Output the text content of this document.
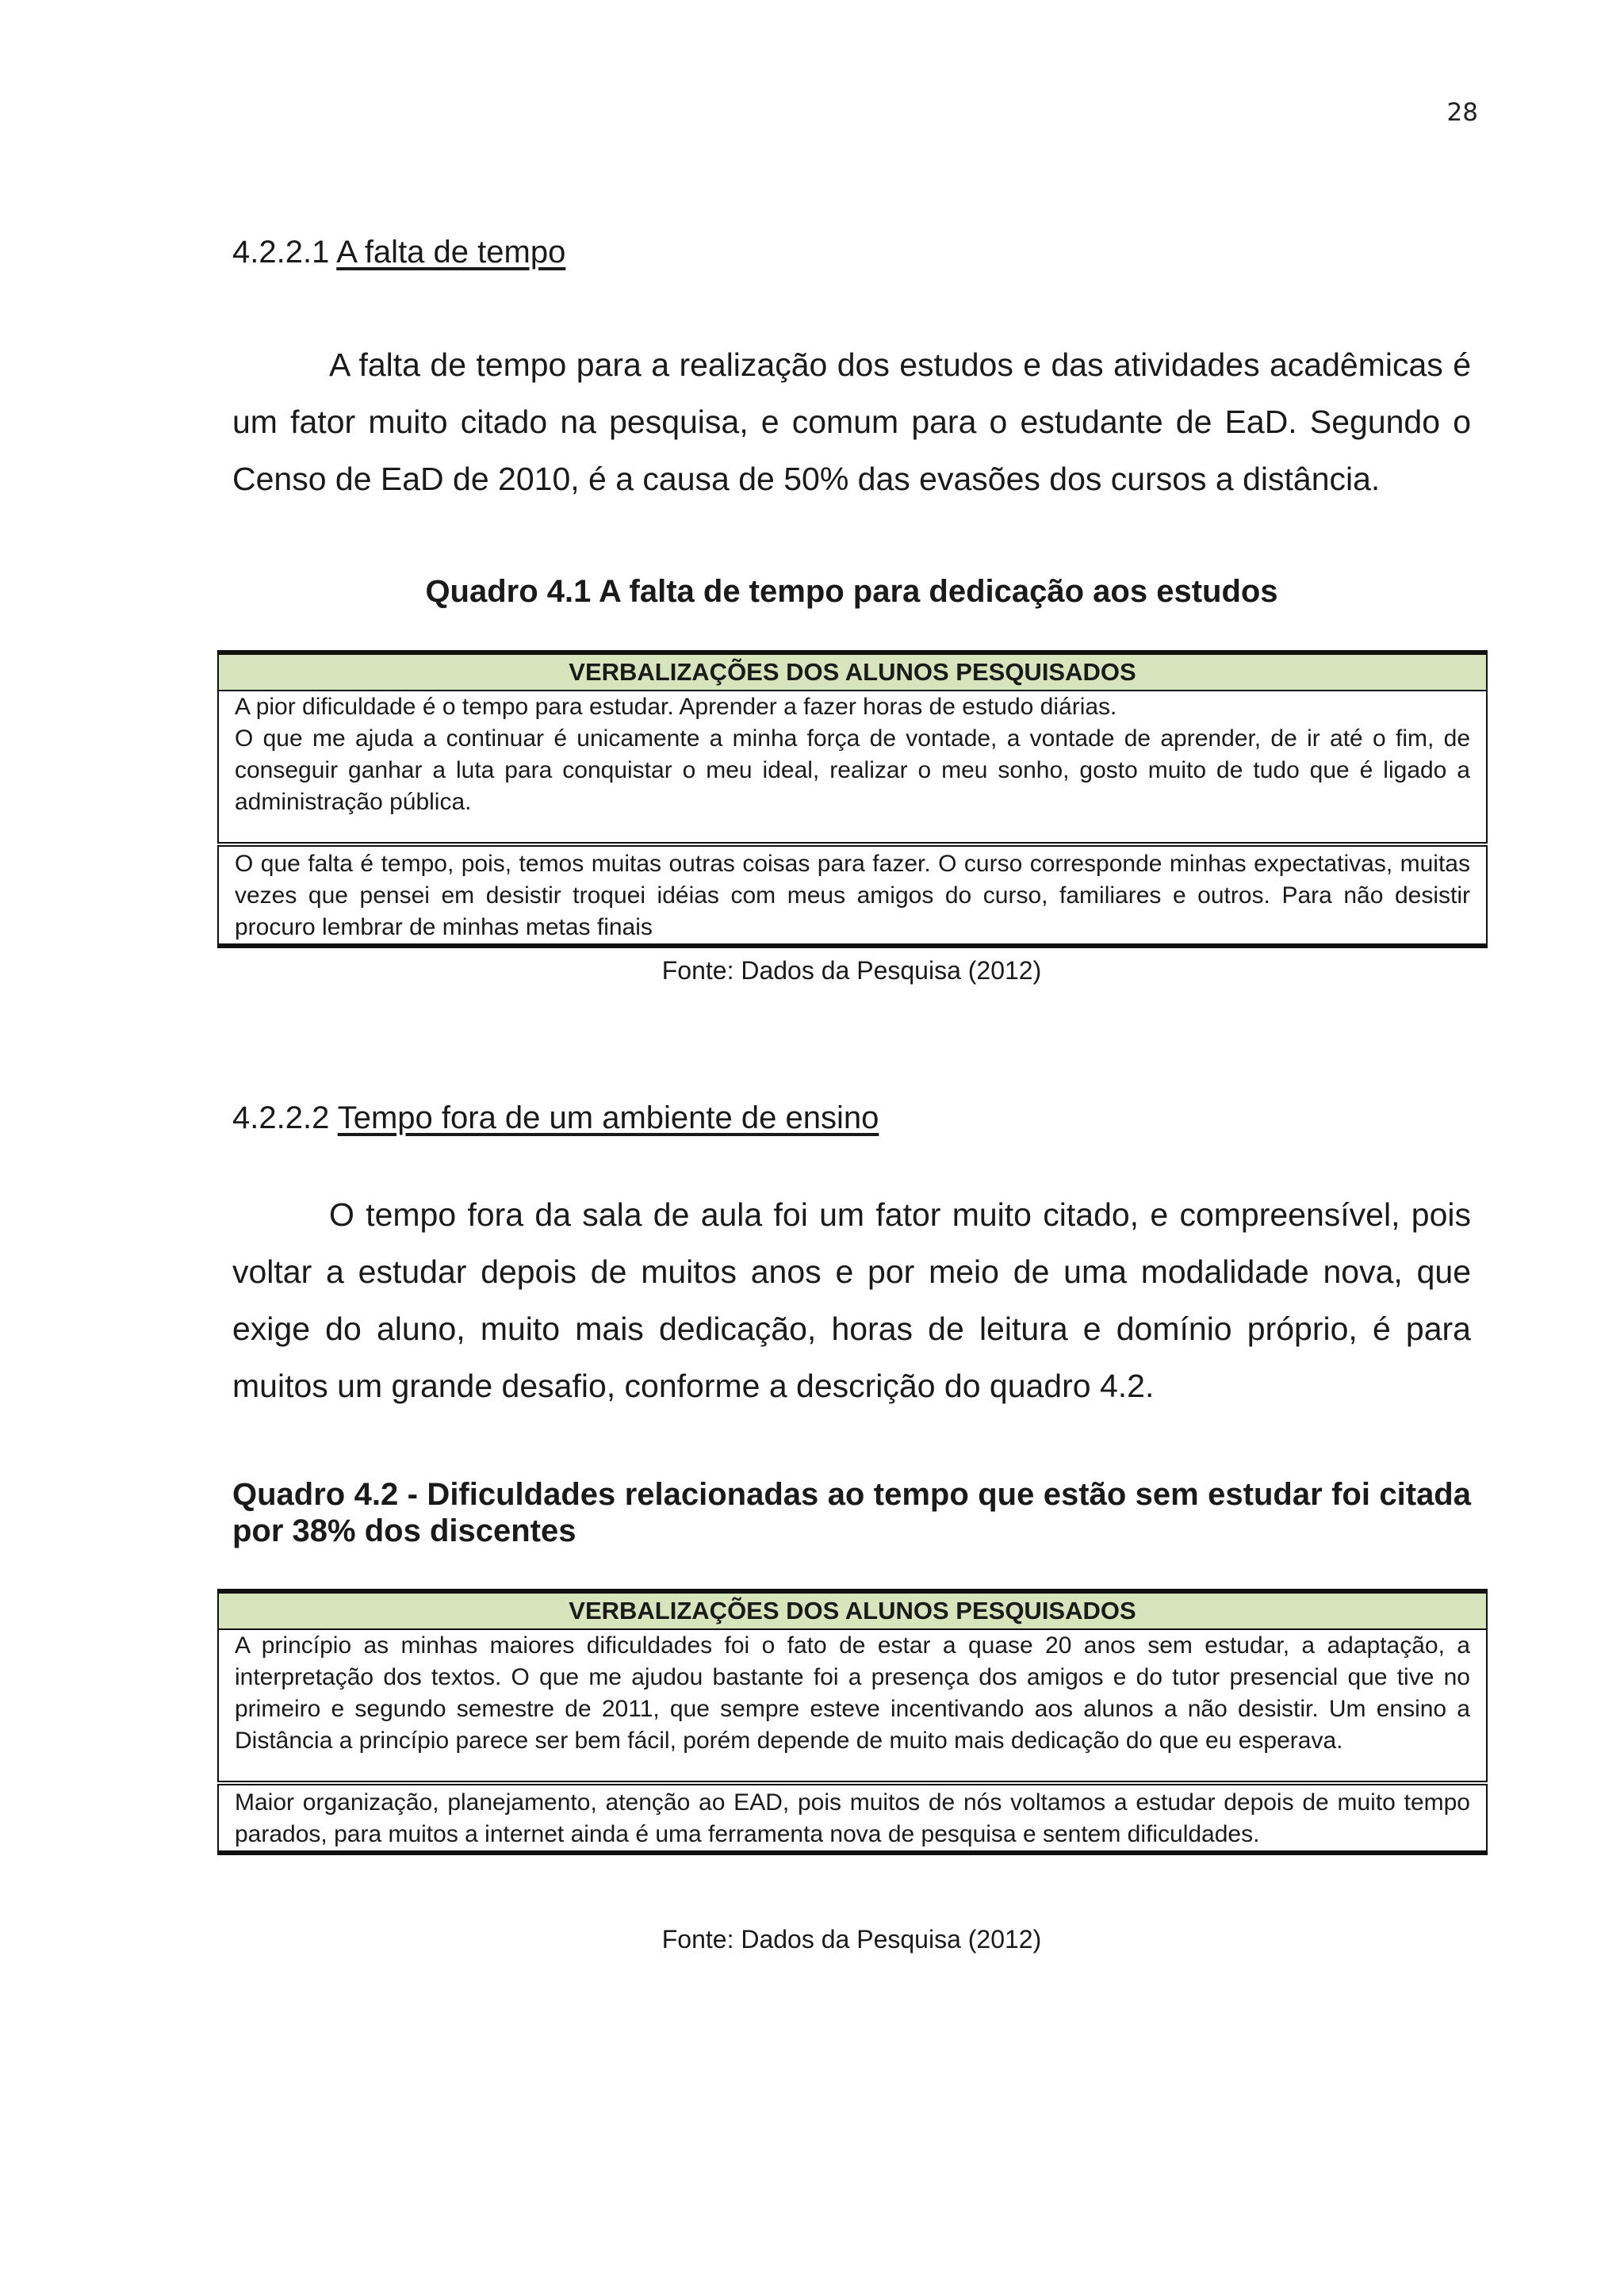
28
4.2.2.1 A falta de tempo

A falta de tempo para a realização dos estudos e das atividades acadêmicas é um fator muito citado na pesquisa, e comum para o estudante de EaD. Segundo o Censo de EaD de 2010, é a causa de 50% das evasões dos cursos a distância.

Quadro 4.1 A falta de tempo para dedicação aos estudos

VERBALIZAÇÕES DOS ALUNOS PESQUISADOS

A pior dificuldade é o tempo para estudar. Aprender a fazer horas de estudo diárias.
O que me ajuda a continuar é unicamente a minha força de vontade, a vontade de aprender, de ir até o fim, de conseguir ganhar a luta para conquistar o meu ideal, realizar o meu sonho, gosto muito de tudo que é ligado a administração pública.

O que falta é tempo, pois, temos muitas outras coisas para fazer. O curso corresponde minhas expectativas, muitas vezes que pensei em desistir troquei idéias com meus amigos do curso, familiares e outros. Para não desistir procuro lembrar de minhas metas finais

Fonte: Dados da Pesquisa (2012)

4.2.2.2 Tempo fora de um ambiente de ensino

O tempo fora da sala de aula foi um fator muito citado, e compreensível, pois voltar a estudar depois de muitos anos e por meio de uma modalidade nova, que exige do aluno, muito mais dedicação, horas de leitura e domínio próprio, é para muitos um grande desafio, conforme a descrição do quadro 4.2.

Quadro 4.2 - Dificuldades relacionadas ao tempo que estão sem estudar foi citada por 38% dos discentes

VERBALIZAÇÕES DOS ALUNOS PESQUISADOS

A princípio as minhas maiores dificuldades foi o fato de estar a quase 20 anos sem estudar, a adaptação, a interpretação dos textos. O que me ajudou bastante foi a presença dos amigos e do tutor presencial que tive no primeiro e segundo semestre de 2011, que sempre esteve incentivando aos alunos a não desistir. Um ensino a Distância a princípio parece ser bem fácil, porém depende de muito mais dedicação do que eu esperava.

Maior organização, planejamento, atenção ao EAD, pois muitos de nós voltamos a estudar depois de muito tempo parados, para muitos a internet ainda é uma ferramenta nova de pesquisa e sentem dificuldades.

Fonte: Dados da Pesquisa (2012)
